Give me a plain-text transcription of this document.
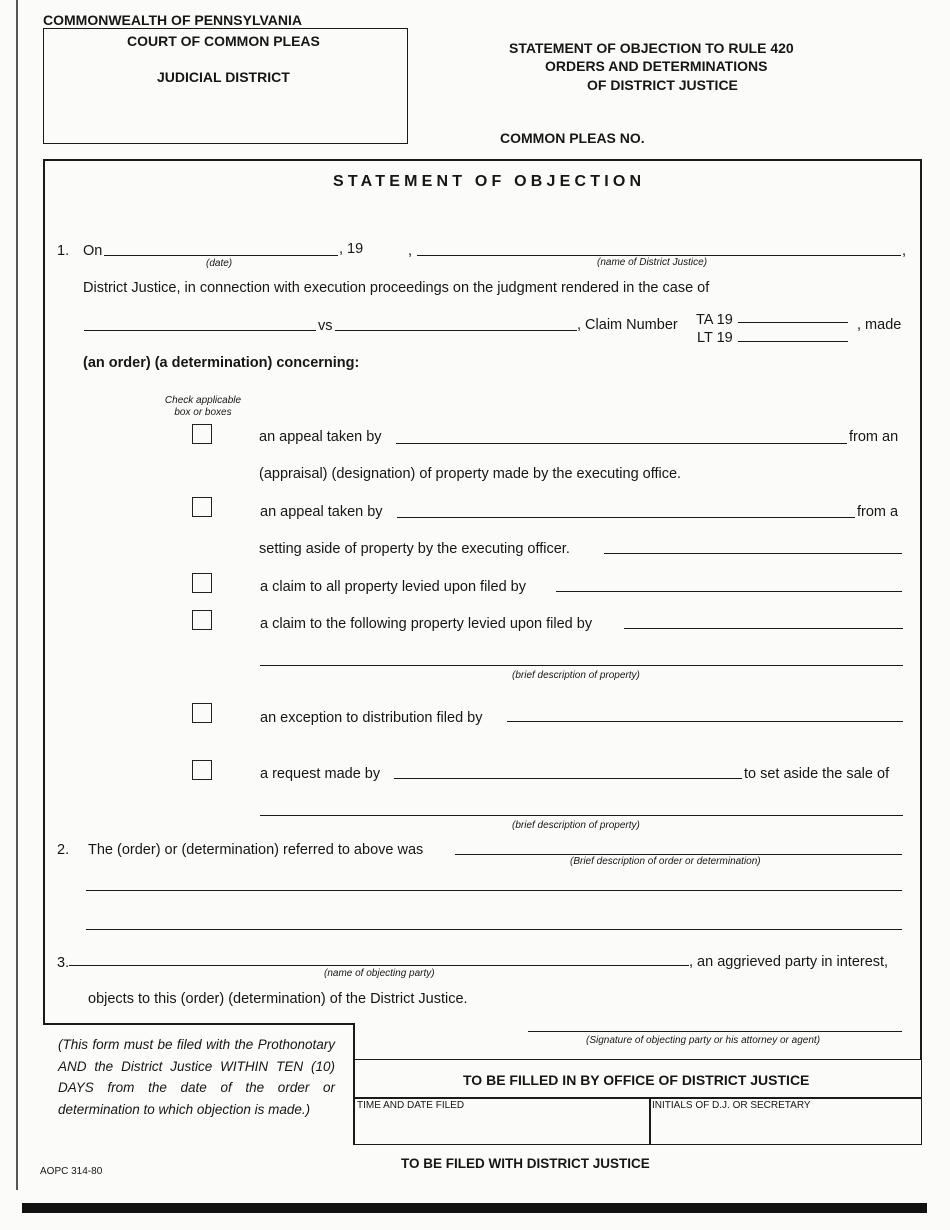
COMMONWEALTH OF PENNSYLVANIA
COURT OF COMMON PLEAS
JUDICIAL DISTRICT
STATEMENT OF OBJECTION TO RULE 420
ORDERS AND DETERMINATIONS
OF DISTRICT JUSTICE
COMMON PLEAS NO.
STATEMENT OF OBJECTION
1. On	, 19
(date)
,	,
(name of District Justice)
District Justice, in connection with execution proceedings on the judgment rendered in the case of
vs	, Claim Number TA 19
LT 19
, made
(an order) (a determination) concerning:
Check applicable
box or boxes
an appeal taken by	from an
(appraisal) (designation) of property made by the executing office.
an appeal taken by	from a
setting aside of property by the executing officer.
a claim to all property levied upon filed by
a claim to the following property levied upon filed by
(brief description of property)
an exception to distribution filed by
a request made by	to set aside the sale of
(brief description of property)
2. The (order) or (determination) referred to above was
(Brief description of order or determination)
3.	, an aggrieved party in interest,
(name of objecting party)
objects to this (order) (determination) of the District Justice.
(This form must be filed with the Prothonotary AND the District Justice WITHIN TEN (10) DAYS from the date of the order or determination to which objection is made.)
(Signature of objecting party or his attorney or agent)
TO BE FILLED IN BY OFFICE OF DISTRICT JUSTICE
TIME AND DATE FILED	INITIALS OF D.J. OR SECRETARY
AOPC 314-80
TO BE FILED WITH DISTRICT JUSTICE
